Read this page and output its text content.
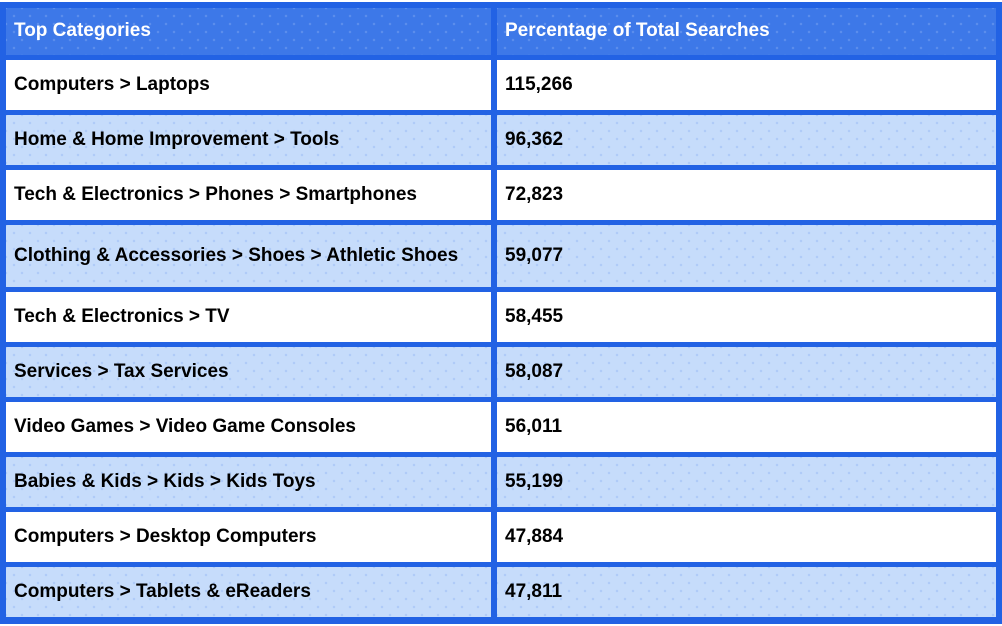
Top Categories	Percentage of Total Searches
Computers > Laptops	115,266
Home & Home Improvement > Tools	96,362
Tech & Electronics > Phones > Smartphones	72,823
Clothing & Accessories > Shoes > Athletic Shoes 59,077
Tech & Electronics > TV	58,455
Services > Tax Services	58,087
Video Games > Video Game Consoles	56,011
Babies & Kids > Kids > Kids Toys	55,199
Computers > Desktop Computers	47,884
Computers > Tablets & eReaders	47,811
